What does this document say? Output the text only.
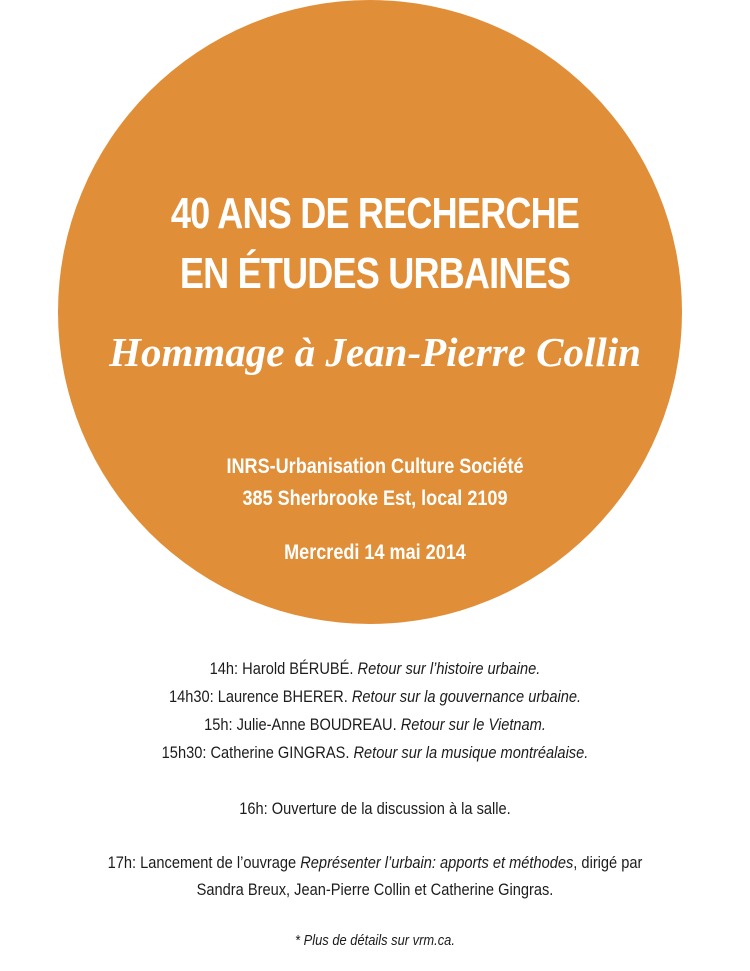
40 ANS DE RECHERCHE
EN ÉTUDES URBAINES
Hommage à Jean-Pierre Collin
INRS-Urbanisation Culture Société
385 Sherbrooke Est, local 2109
Mercredi 14 mai 2014
14h: Harold BÉRUBÉ. Retour sur l’histoire urbaine.
14h30: Laurence BHERER. Retour sur la gouvernance urbaine.
15h: Julie-Anne BOUDREAU. Retour sur le Vietnam.
15h30: Catherine GINGRAS. Retour sur la musique montréalaise.
16h: Ouverture de la discussion à la salle.
17h: Lancement de l’ouvrage Représenter l’urbain: apports et méthodes, dirigé par
Sandra Breux, Jean-Pierre Collin et Catherine Gingras.
* Plus de détails sur vrm.ca.
